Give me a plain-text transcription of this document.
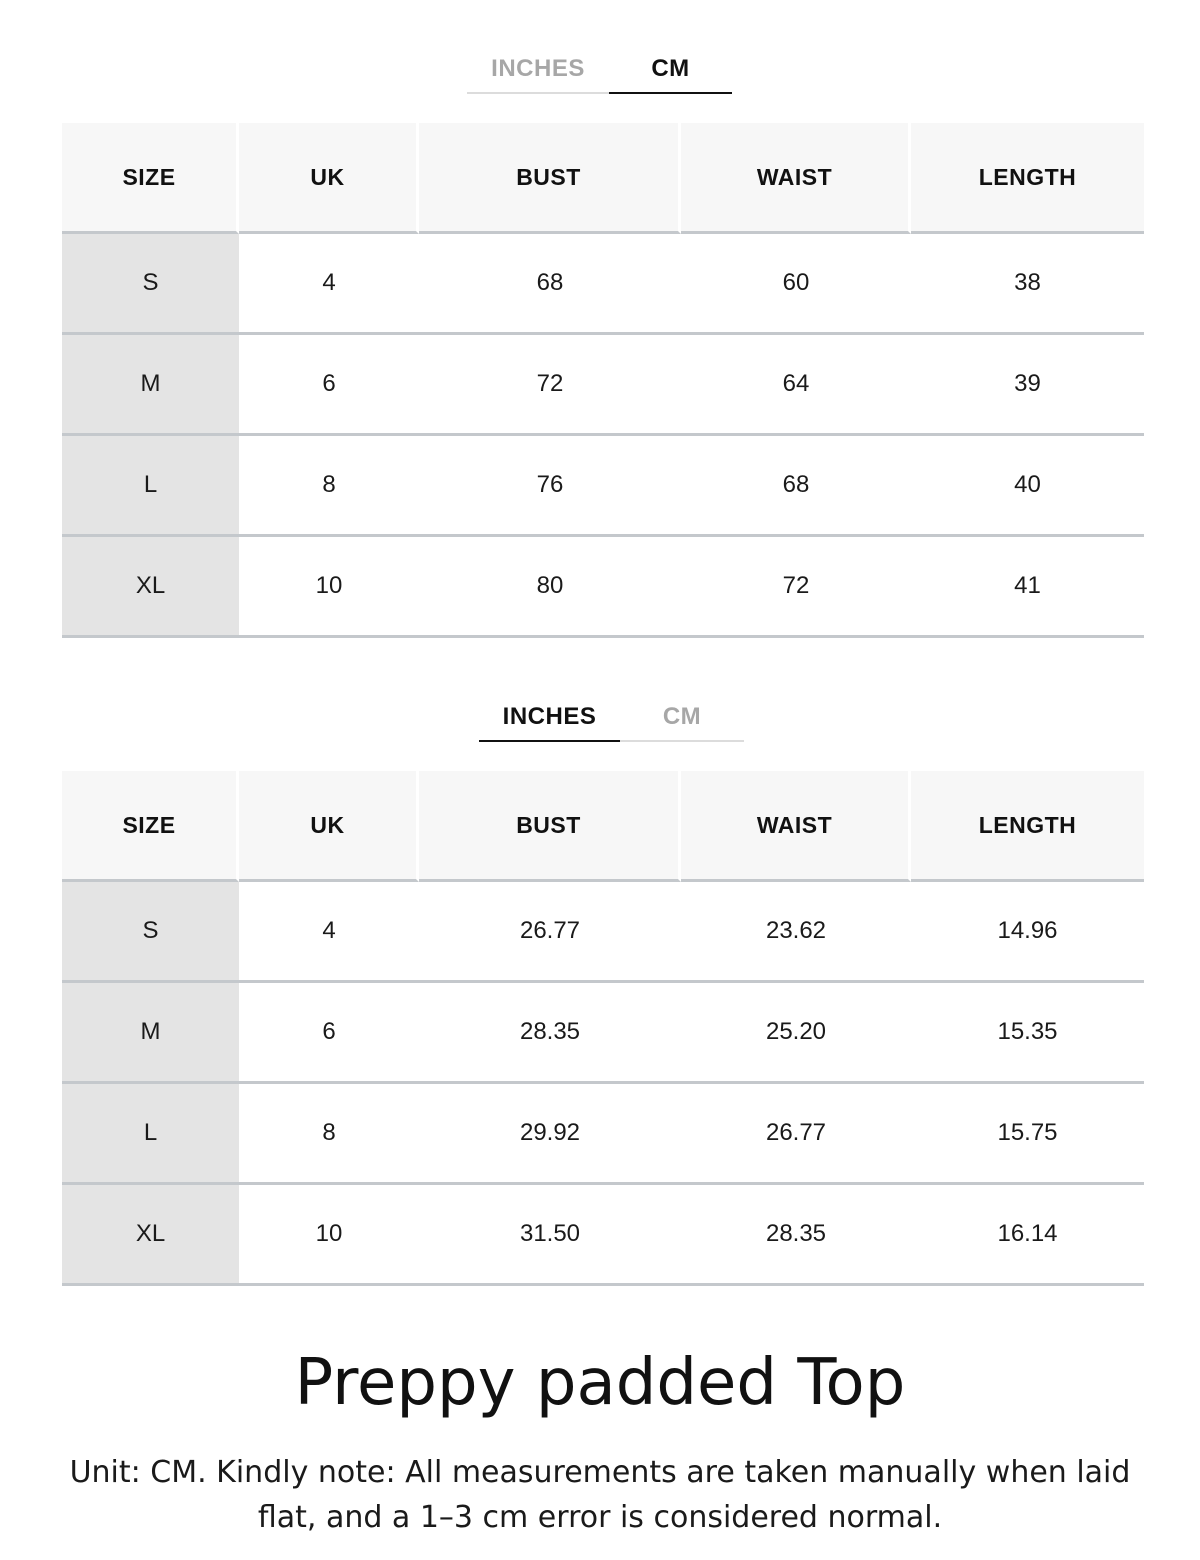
INCHES	CM
SIZE	UK	BUST	WAIST	LENGTH
S	4	68	60	38
M	6	72	64	39
L	8	76	68	40
XL	10	80	72	41
INCHES	CM
SIZE	UK	BUST	WAIST	LENGTH
S	4	26.77	23.62	14.96
M	6	28.35	25.20	15.35
L	8	29.92	26.77	15.75
XL	10	31.50	28.35	16.14
Preppy padded Top

Unit: CM. Kindly note: All measurements are taken manually when laid flat, and a 1–3 cm error is considered normal.
